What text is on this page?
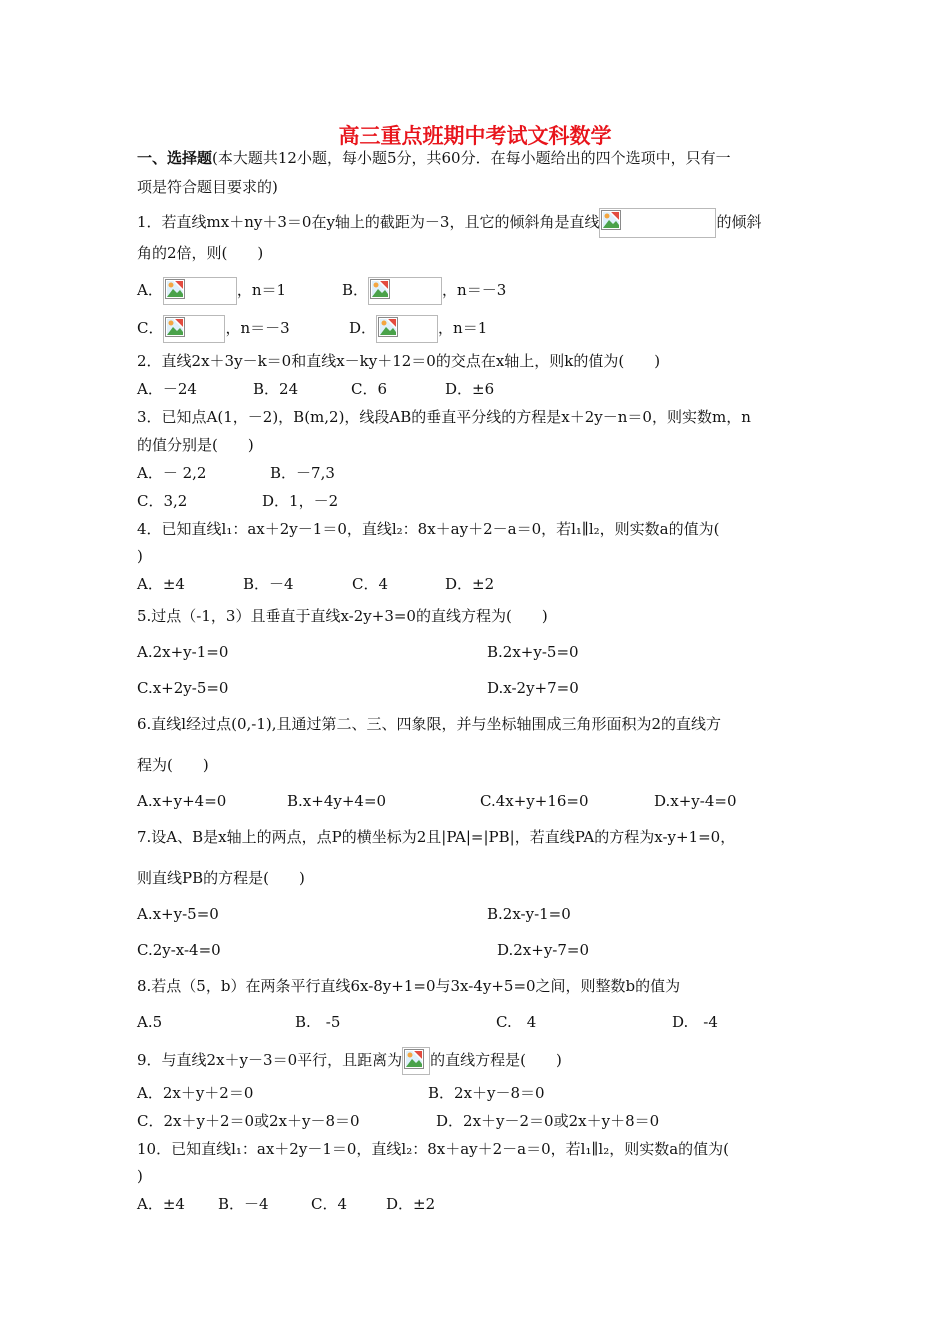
高三重点班期中考试文科数学
一、选择题(本大题共12小题，每小题5分，共60分．在每小题给出的四个选项中，只有一
项是符合题目要求的)
1．若直线mx＋ny＋3＝0在y轴上的截距为－3，且它的倾斜角是直线	的倾斜
角的2倍，则(　　)
A．	，n＝1	B．	，n＝－3
C．	，n＝－3	D．	，n＝1
2．直线2x＋3y－k＝0和直线x－ky＋12＝0的交点在x轴上，则k的值为(　　)
A．－24	B．24	C．6	D．±6
3．已知点A(1，－2)，B(m,2)，线段AB的垂直平分线的方程是x＋2y－n＝0，则实数m，n
的值分别是(　　)
A．－ 2,2	B．－7,3
C．3,2	D．1，－2
4．已知直线l₁：ax＋2y－1＝0，直线l₂：8x＋ay＋2－a＝0，若l₁∥l₂，则实数a的值为(
)
A．±4	B．－4	C．4	D．±2
5.过点（-1，3）且垂直于直线x-2y+3=0的直线方程为(　　)
A.2x+y-1=0	B.2x+y-5=0
C.x+2y-5=0	D.x-2y+7=0
6.直线l经过点(0,-1),且通过第二、三、四象限，并与坐标轴围成三角形面积为2的直线方
程为(　　)
A.x+y+4=0	B.x+4y+4=0	C.4x+y+16=0	D.x+y-4=0
7.设A、B是x轴上的两点，点P的横坐标为2且|PA|=|PB|，若直线PA的方程为x-y+1=0，
则直线PB的方程是(　　)
A.x+y-5=0	B.2x-y-1=0
C.2y-x-4=0	D.2x+y-7=0
8.若点（5，b）在两条平行直线6x-8y+1=0与3x-4y+5=0之间，则整数b的值为
A.5	B.　-5	C.　4	D.　-4
9．与直线2x＋y－3＝0平行，且距离为 的直线方程是(　　)
A．2x＋y＋2＝0	B．2x＋y－8＝0
C．2x＋y＋2＝0或2x＋y－8＝0	D．2x＋y－2＝0或2x＋y＋8＝0
10．已知直线l₁：ax＋2y－1＝0，直线l₂：8x＋ay＋2－a＝0，若l₁∥l₂，则实数a的值为(
)
A．±4 B．－4	C．4	D．±2
